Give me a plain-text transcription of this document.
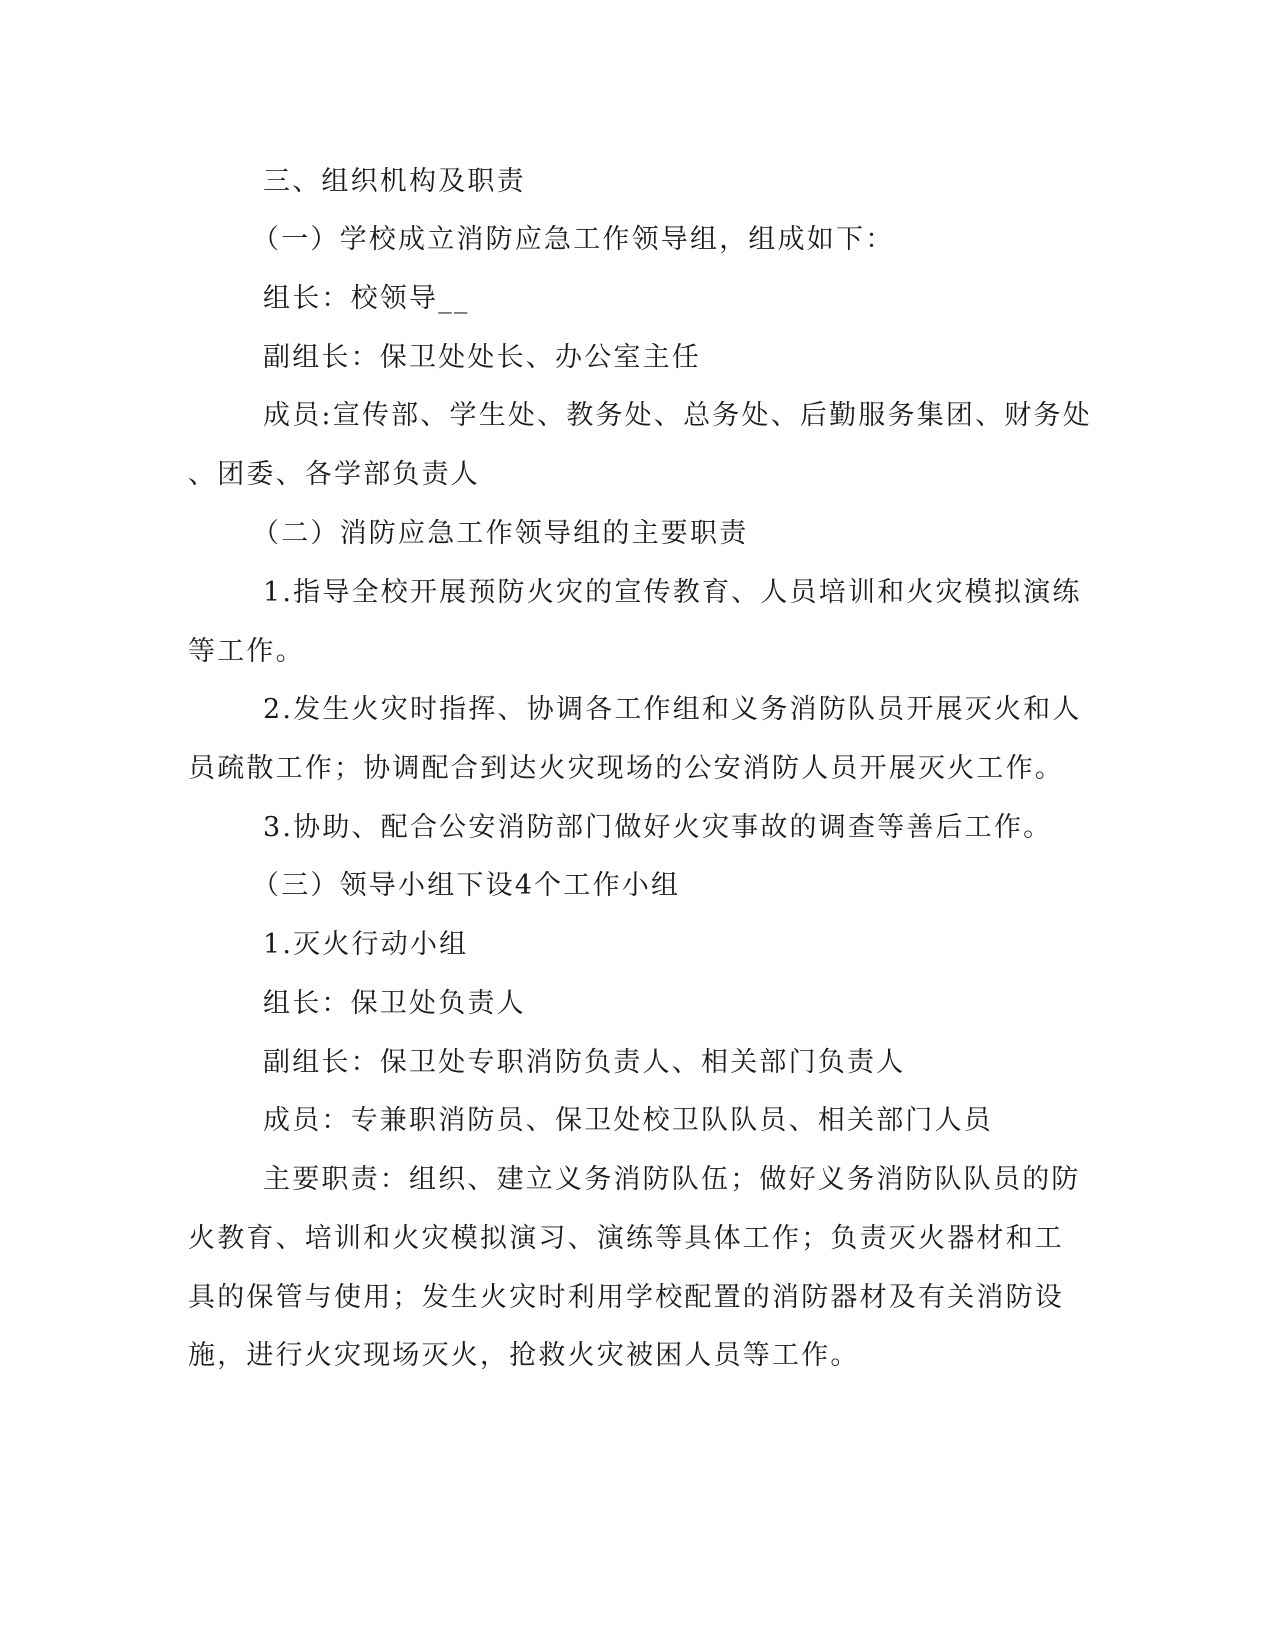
三、组织机构及职责
（一）学校成立消防应急工作领导组，组成如下：
组长：校领导__
副组长：保卫处处长、办公室主任
成员:宣传部、学生处、教务处、总务处、后勤服务集团、财务处
、团委、各学部负责人
（二）消防应急工作领导组的主要职责
1.指导全校开展预防火灾的宣传教育、人员培训和火灾模拟演练
等工作。
2.发生火灾时指挥、协调各工作组和义务消防队员开展灭火和人
员疏散工作；协调配合到达火灾现场的公安消防人员开展灭火工作。
3.协助、配合公安消防部门做好火灾事故的调查等善后工作。
（三）领导小组下设4个工作小组
1.灭火行动小组
组长：保卫处负责人
副组长：保卫处专职消防负责人、相关部门负责人
成员：专兼职消防员、保卫处校卫队队员、相关部门人员
主要职责：组织、建立义务消防队伍；做好义务消防队队员的防
火教育、培训和火灾模拟演习、演练等具体工作；负责灭火器材和工
具的保管与使用；发生火灾时利用学校配置的消防器材及有关消防设
施，进行火灾现场灭火，抢救火灾被困人员等工作。
